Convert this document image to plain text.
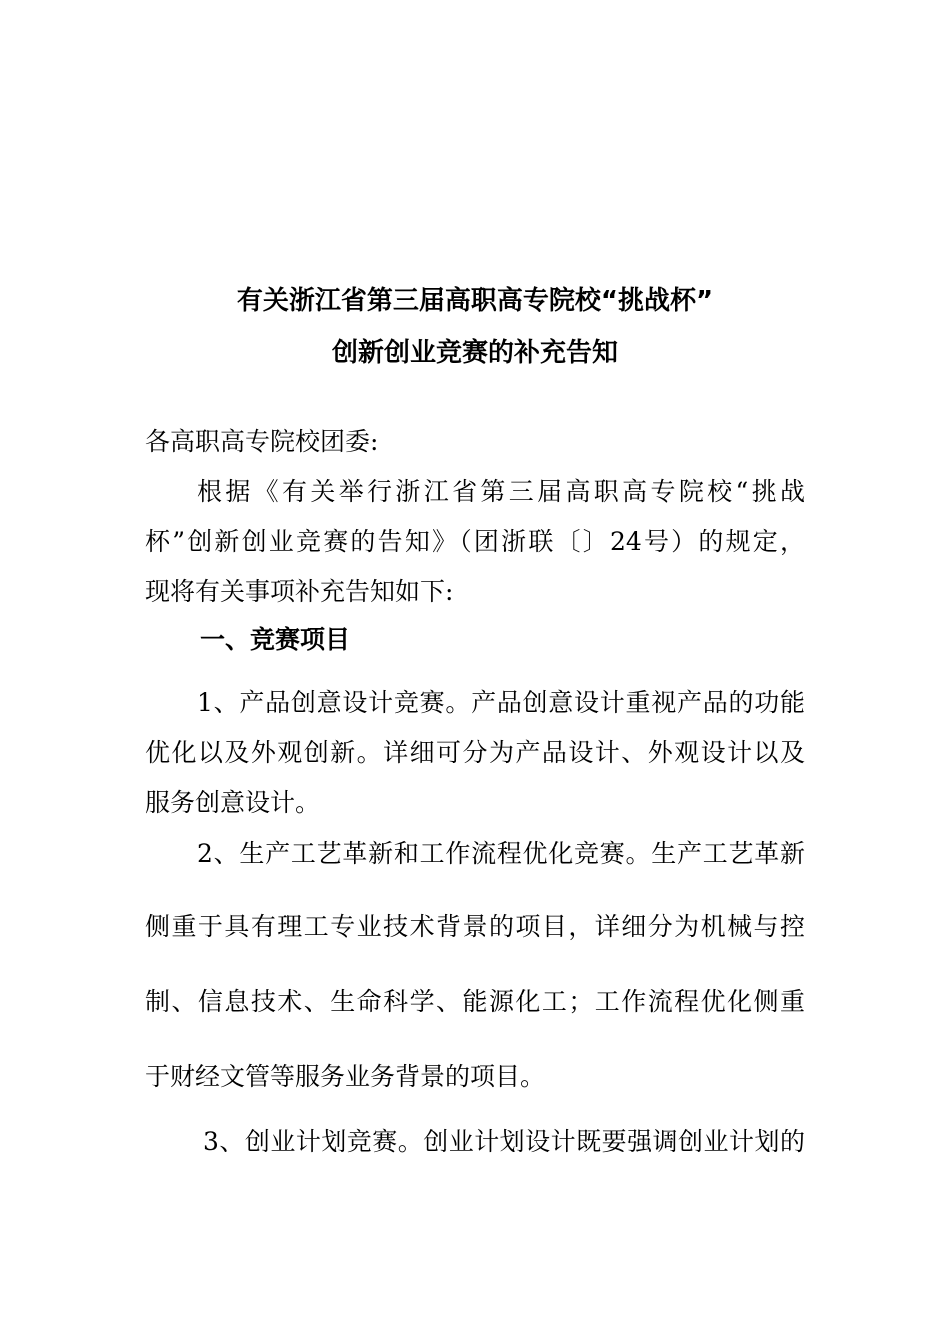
有关浙江省第三届高职高专院校“挑战杯”
创新创业竞赛的补充告知
各高职高专院校团委:
根据《有关举行浙江省第三届高职高专院校“挑战
杯”创新创业竞赛的告知》（团浙联〔〕24号）的规定，
现将有关事项补充告知如下:
一、竞赛项目
1、产品创意设计竞赛。产品创意设计重视产品的功能
优化以及外观创新。详细可分为产品设计、外观设计以及
服务创意设计。
2、生产工艺革新和工作流程优化竞赛。生产工艺革新
侧重于具有理工专业技术背景的项目，详细分为机械与控
制、信息技术、生命科学、能源化工；工作流程优化侧重
于财经文管等服务业务背景的项目。
3、创业计划竞赛。创业计划设计既要强调创业计划的
